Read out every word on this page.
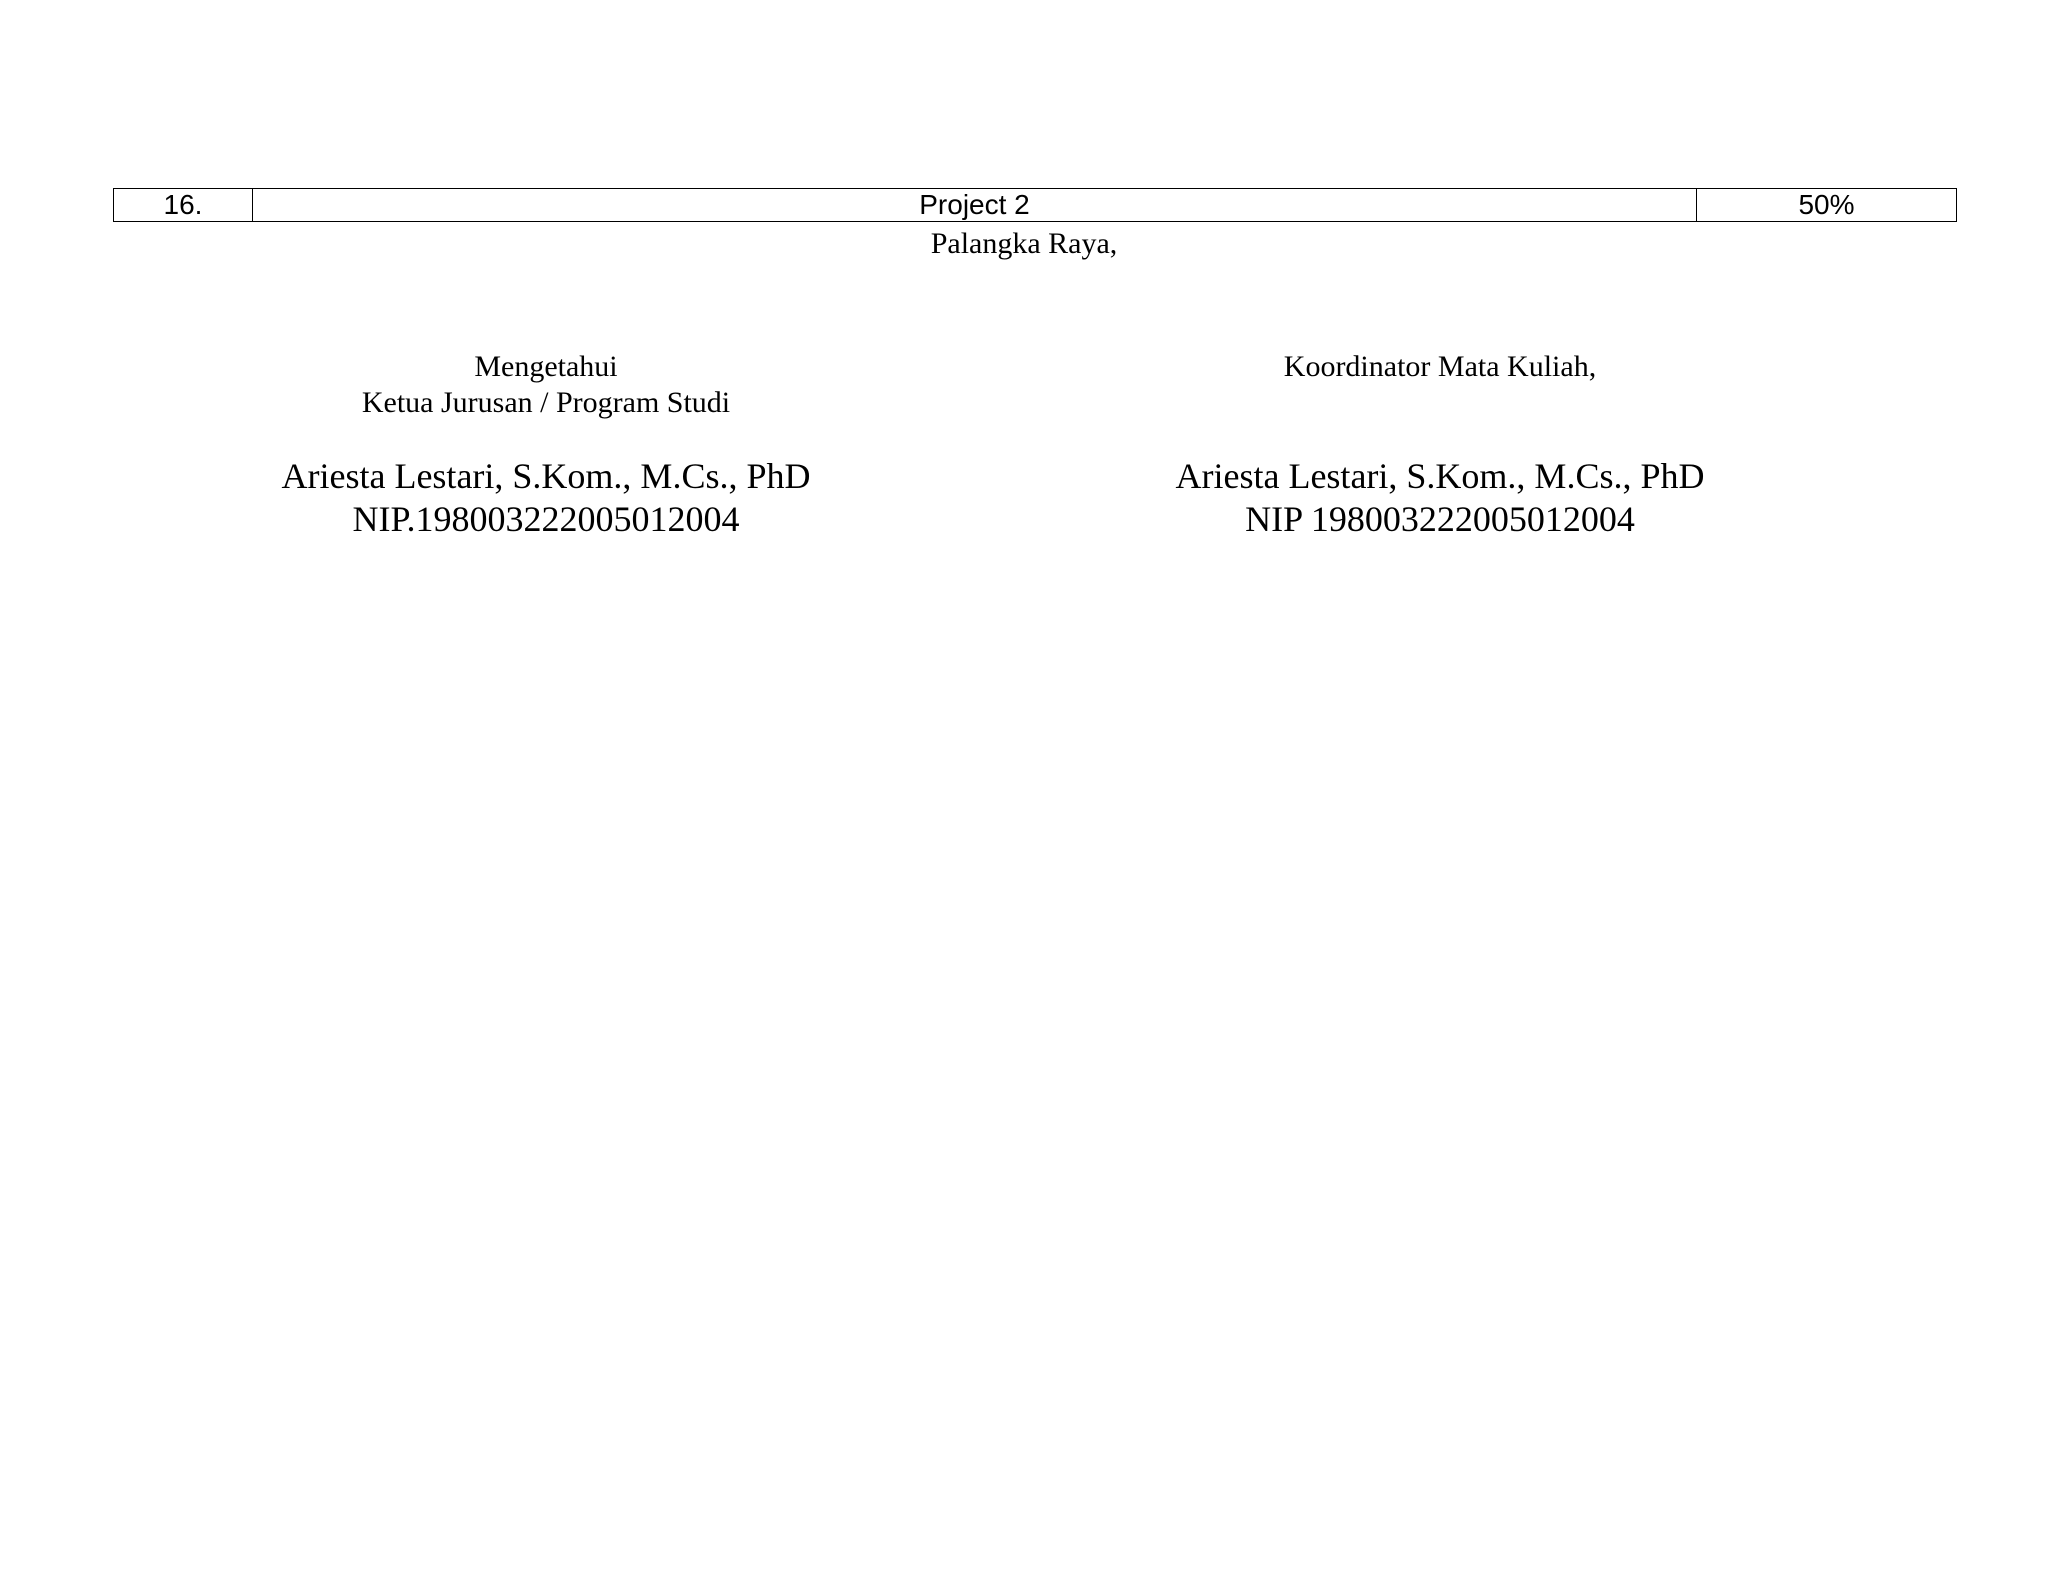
16.	Project 2	50%
Palangka Raya,
Mengetahui
Ketua Jurusan / Program Studi
Koordinator Mata Kuliah,
Ariesta Lestari, S.Kom., M.Cs., PhD
NIP.198003222005012004
Ariesta Lestari, S.Kom., M.Cs., PhD
NIP 198003222005012004
